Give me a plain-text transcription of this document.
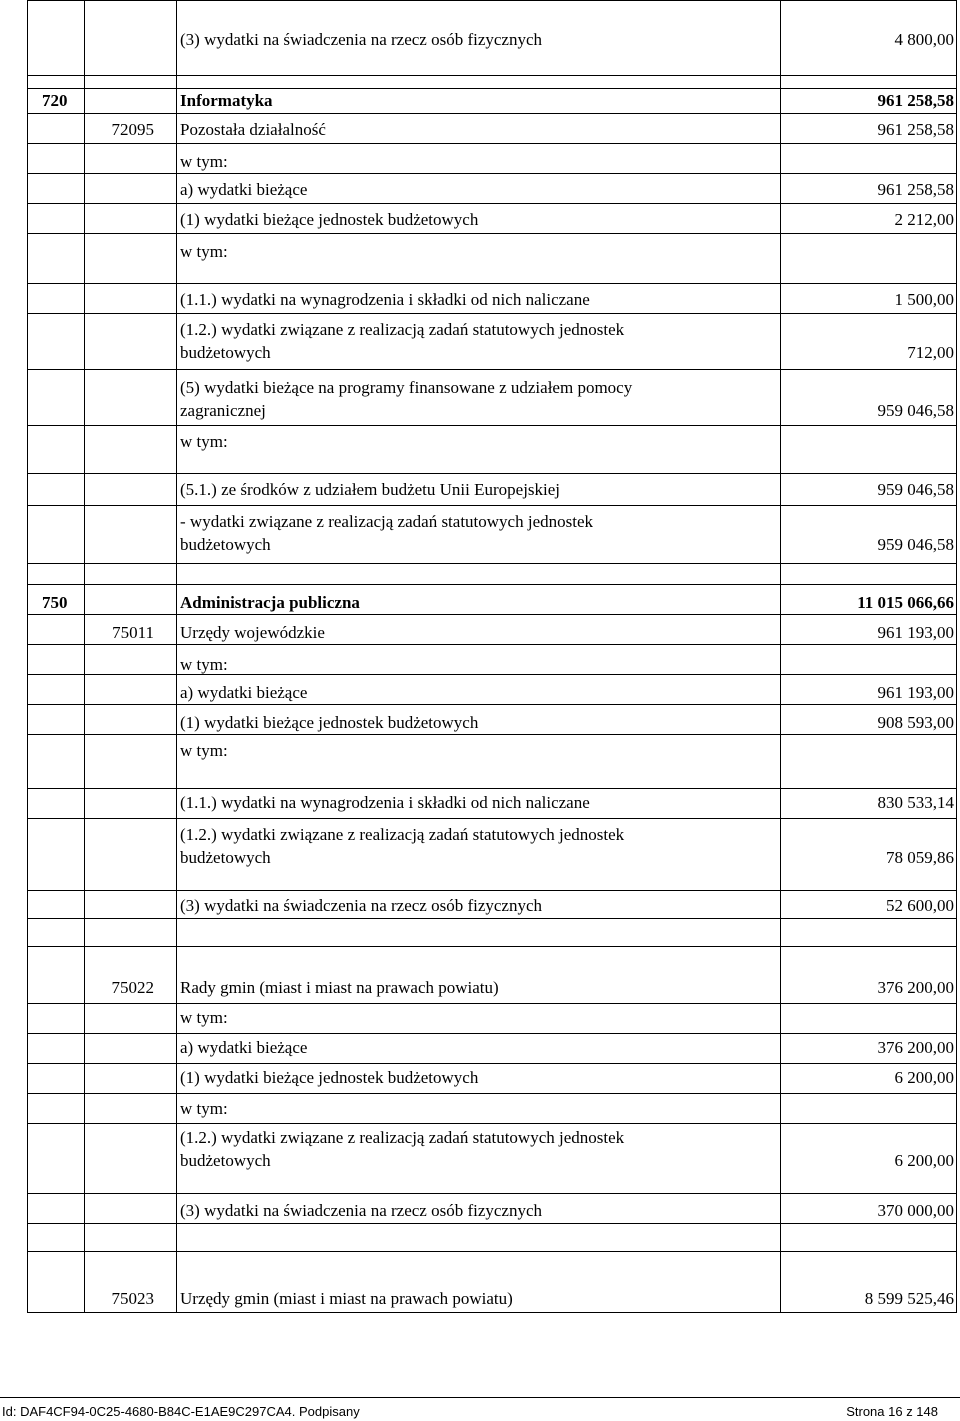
(3) wydatki na świadczenia na rzecz osób fizycznych	4 800,00
720	Informatyka	961 258,58
72095 Pozostała działalność	961 258,58
w tym:
a) wydatki bieżące	961 258,58
(1) wydatki bieżące jednostek budżetowych	2 212,00
w tym:
(1.1.) wydatki na wynagrodzenia i składki od nich naliczane	1 500,00
(1.2.) wydatki związane z realizacją zadań statutowych jednostek
budżetowych	712,00
(5) wydatki bieżące na programy finansowane z udziałem pomocy
zagranicznej	959 046,58
w tym:
(5.1.) ze środków z udziałem budżetu Unii Europejskiej	959 046,58
- wydatki związane z realizacją zadań statutowych jednostek
budżetowych	959 046,58
750	Administracja publiczna	11 015 066,66
75011 Urzędy wojewódzkie	961 193,00
w tym:
a) wydatki bieżące	961 193,00
(1) wydatki bieżące jednostek budżetowych	908 593,00
w tym:
(1.1.) wydatki na wynagrodzenia i składki od nich naliczane	830 533,14
(1.2.) wydatki związane z realizacją zadań statutowych jednostek
budżetowych	78 059,86
(3) wydatki na świadczenia na rzecz osób fizycznych	52 600,00
75022 Rady gmin (miast i miast na prawach powiatu)	376 200,00
w tym:
a) wydatki bieżące	376 200,00
(1) wydatki bieżące jednostek budżetowych	6 200,00
w tym:
(1.2.) wydatki związane z realizacją zadań statutowych jednostek
budżetowych	6 200,00
(3) wydatki na świadczenia na rzecz osób fizycznych	370 000,00
75023 Urzędy gmin (miast i miast na prawach powiatu)	8 599 525,46
Id: DAF4CF94-0C25-4680-B84C-E1AE9C297CA4. Podpisany	Strona 16 z 148
